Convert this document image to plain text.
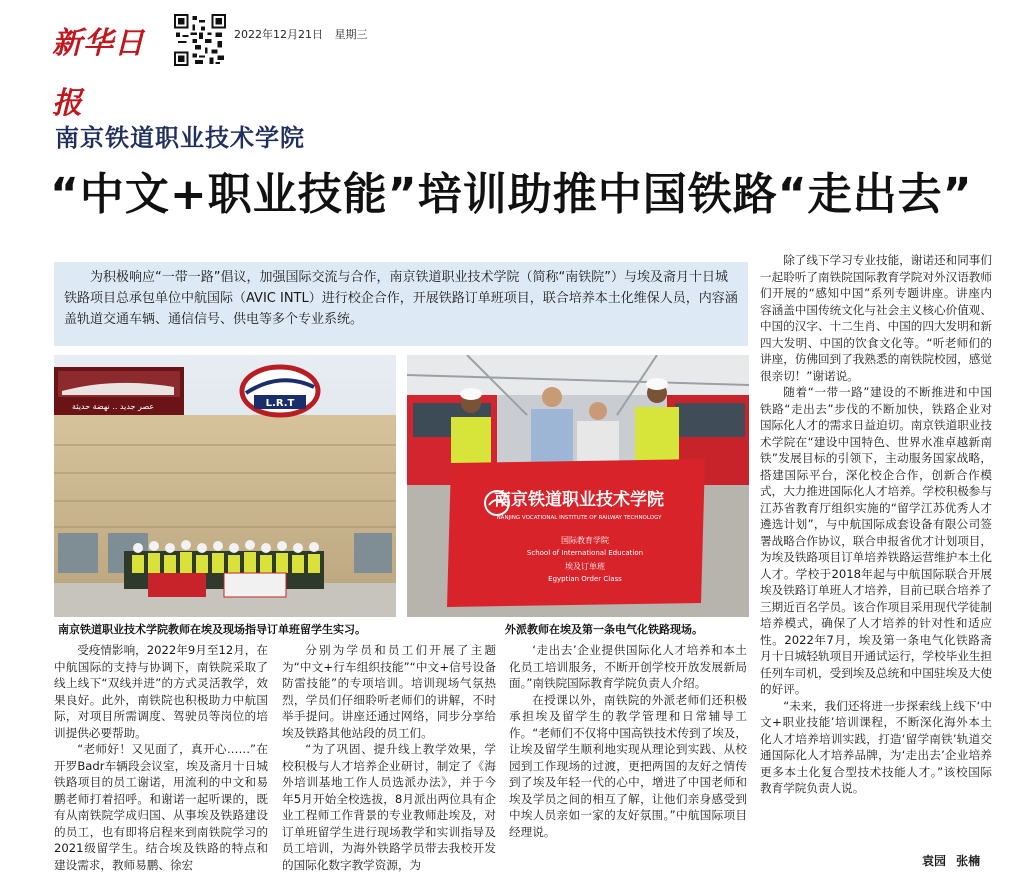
新华日报
2022年12月21日 星期三
南京铁道职业技术学院
“中文+职业技能”培训助推中国铁路“走出去”
为积极响应“一带一路”倡议，加强国际交流与合作，南京铁道职业技术学院（简称“南铁院”）与埃及斋月十日城铁路项目总承包单位中航国际（AVIC INTL）进行校企合作，开展铁路订单班项目，联合培养本土化维保人员，内容涵盖轨道交通车辆、通信信号、供电等多个专业系统。
عصر جديد .. نهضة حديثة	L.R.T
南京铁道职业技术学院教师在埃及现场指导订单班留学生实习。
南京铁道职业技术学院
NANJING VOCATIONAL INSTITUTE OF RAILWAY TECHNOLOGY
国际教育学院
School of International Education
埃及订单班
Egyptian Order Class
外派教师在埃及第一条电气化铁路现场。

受疫情影响，2022年9月至12月，在中航国际的支持与协调下，南铁院采取了线上线下“双线并进”的方式灵活教学，效果良好。此外，南铁院也积极助力中航国际，对项目所需调度、驾驶员等岗位的培训提供必要帮助。

“老师好！又见面了，真开心……”在开罗Badr车辆段会议室，埃及斋月十日城铁路项目的员工谢诺，用流利的中文和易鹏老师打着招呼。和谢诺一起听课的，既有从南铁院学成归国、从事埃及铁路建设的员工，也有即将启程来到南铁院学习的2021级留学生。结合埃及铁路的特点和建设需求，教师易鹏、徐宏

分别为学员和员工们开展了主题为“中文+行车组织技能”“中文+信号设备防雷技能”的专项培训。培训现场气氛热烈，学员们仔细聆听老师们的讲解，不时举手提问。讲座还通过网络，同步分享给埃及铁路其他站段的员工们。

“为了巩固、提升线上教学效果，学校积极与人才培养企业研讨，制定了《海外培训基地工作人员选派办法》，并于今年5月开始全校选拔，8月派出两位具有企业工程师工作背景的专业教师赴埃及，对订单班留学生进行现场教学和实训指导及员工培训，为海外铁路学员带去我校开发的国际化数字教学资源，为

‘走出去’企业提供国际化人才培养和本土化员工培训服务，不断开创学校开放发展新局面。”南铁院国际教育学院负责人介绍。

在授课以外，南铁院的外派老师们还积极承担埃及留学生的教学管理和日常辅导工作。“老师们不仅将中国高铁技术传到了埃及，让埃及留学生顺利地实现从理论到实践、从校园到工作现场的过渡，更把两国的友好之情传到了埃及年轻一代的心中，增进了中国老师和埃及学员之间的相互了解，让他们亲身感受到中埃人员亲如一家的友好氛围。”中航国际项目经理说。

除了线下学习专业技能，谢诺还和同事们一起聆听了南铁院国际教育学院对外汉语教师们开展的“感知中国”系列专题讲座。讲座内容涵盖中国传统文化与社会主义核心价值观、中国的汉字、十二生肖、中国的四大发明和新四大发明、中国的饮食文化等。“听老师们的讲座，仿佛回到了我熟悉的南铁院校园，感觉很亲切！”谢诺说。

随着“一带一路”建设的不断推进和中国铁路“走出去”步伐的不断加快，铁路企业对国际化人才的需求日益迫切。南京铁道职业技术学院在“建设中国特色、世界水准卓越新南铁”发展目标的引领下，主动服务国家战略，搭建国际平台，深化校企合作，创新合作模式，大力推进国际化人才培养。学校积极参与江苏省教育厅组织实施的“留学江苏优秀人才遴选计划”，与中航国际成套设备有限公司签署战略合作协议，联合申报省优才计划项目，为埃及铁路项目订单培养铁路运营维护本土化人才。学校于2018年起与中航国际联合开展埃及铁路订单班人才培养，目前已联合培养了三期近百名学员。该合作项目采用现代学徒制培养模式，确保了人才培养的针对性和适应性。2022年7月，埃及第一条电气化铁路斋月十日城轻轨项目开通试运行，学校毕业生担任列车司机，受到埃及总统和中国驻埃及大使的好评。

“未来，我们还将进一步探索线上线下‘中文+职业技能’培训课程，不断深化海外本土化人才培养培训实践，打造‘留学南铁’轨道交通国际化人才培养品牌，为‘走出去’企业培养更多本土化复合型技术技能人才。”该校国际教育学院负责人说。

袁园 张楠
